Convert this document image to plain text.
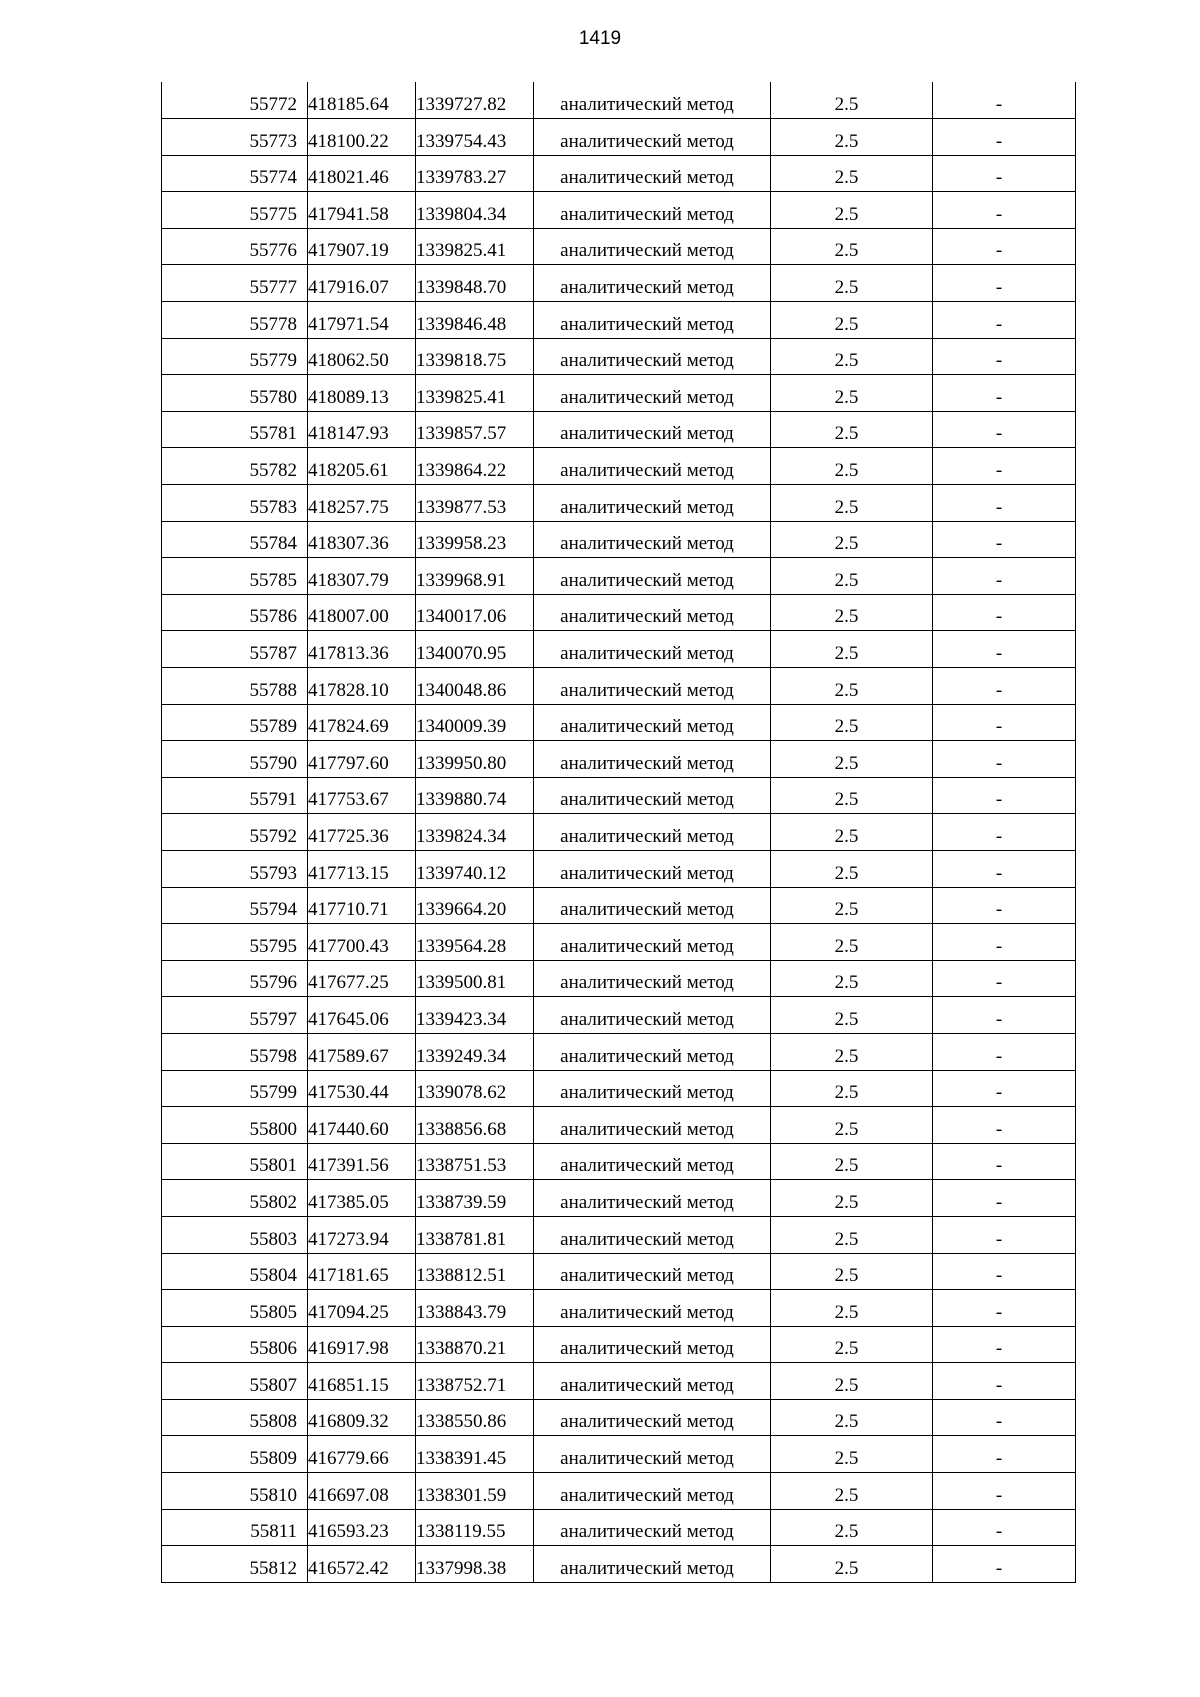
1419
55772	418185.64	1339727.82	аналитический метод	2.5	-
55773	418100.22	1339754.43	аналитический метод	2.5	-
55774	418021.46	1339783.27	аналитический метод	2.5	-
55775	417941.58	1339804.34	аналитический метод	2.5	-
55776	417907.19	1339825.41	аналитический метод	2.5	-
55777	417916.07	1339848.70	аналитический метод	2.5	-
55778	417971.54	1339846.48	аналитический метод	2.5	-
55779	418062.50	1339818.75	аналитический метод	2.5	-
55780	418089.13	1339825.41	аналитический метод	2.5	-
55781	418147.93	1339857.57	аналитический метод	2.5	-
55782	418205.61	1339864.22	аналитический метод	2.5	-
55783	418257.75	1339877.53	аналитический метод	2.5	-
55784	418307.36	1339958.23	аналитический метод	2.5	-
55785	418307.79	1339968.91	аналитический метод	2.5	-
55786	418007.00	1340017.06	аналитический метод	2.5	-
55787	417813.36	1340070.95	аналитический метод	2.5	-
55788	417828.10	1340048.86	аналитический метод	2.5	-
55789	417824.69	1340009.39	аналитический метод	2.5	-
55790	417797.60	1339950.80	аналитический метод	2.5	-
55791	417753.67	1339880.74	аналитический метод	2.5	-
55792	417725.36	1339824.34	аналитический метод	2.5	-
55793	417713.15	1339740.12	аналитический метод	2.5	-
55794	417710.71	1339664.20	аналитический метод	2.5	-
55795	417700.43	1339564.28	аналитический метод	2.5	-
55796	417677.25	1339500.81	аналитический метод	2.5	-
55797	417645.06	1339423.34	аналитический метод	2.5	-
55798	417589.67	1339249.34	аналитический метод	2.5	-
55799	417530.44	1339078.62	аналитический метод	2.5	-
55800	417440.60	1338856.68	аналитический метод	2.5	-
55801	417391.56	1338751.53	аналитический метод	2.5	-
55802	417385.05	1338739.59	аналитический метод	2.5	-
55803	417273.94	1338781.81	аналитический метод	2.5	-
55804	417181.65	1338812.51	аналитический метод	2.5	-
55805	417094.25	1338843.79	аналитический метод	2.5	-
55806	416917.98	1338870.21	аналитический метод	2.5	-
55807	416851.15	1338752.71	аналитический метод	2.5	-
55808	416809.32	1338550.86	аналитический метод	2.5	-
55809	416779.66	1338391.45	аналитический метод	2.5	-
55810	416697.08	1338301.59	аналитический метод	2.5	-
55811	416593.23	1338119.55	аналитический метод	2.5	-
55812	416572.42	1337998.38	аналитический метод	2.5	-
